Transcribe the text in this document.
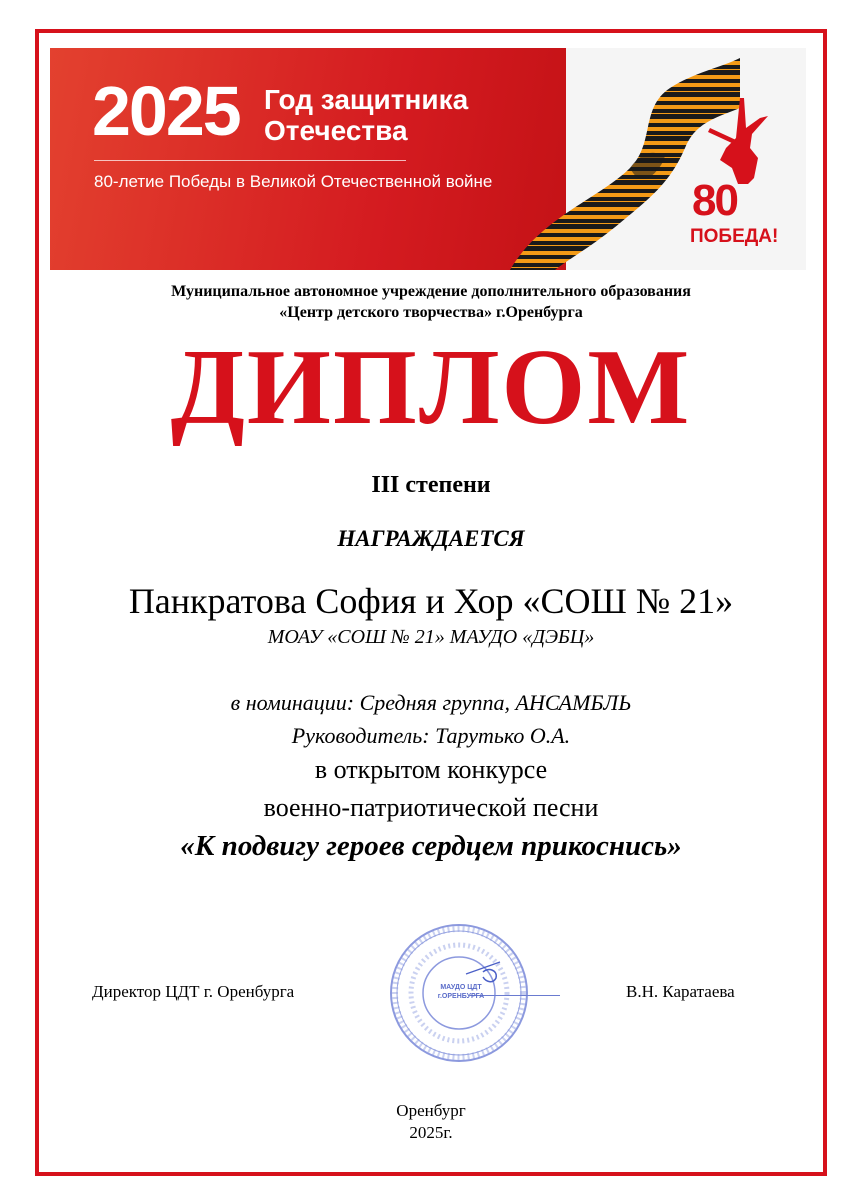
2025 Год защитника
Отечества
80-летие Победы в Великой Отечественной войне	80
ПОБЕДА!
Муниципальное автономное учреждение дополнительного образования
«Центр детского творчества» г.Оренбурга
ДИПЛОМ
III степени
НАГРАЖДАЕТСЯ
Панкратова София и Хор «СОШ № 21»
МОАУ «СОШ № 21» МАУДО «ДЭБЦ»
в номинации: Средняя группа, АНСАМБЛЬ
Руководитель: Тарутько О.А.
в открытом конкурсе
военно-патриотической песни
«К подвигу героев сердцем прикоснись»
Директор ЦДТ г. Оренбурга	МАУДО ЦДТ г.ОРЕНБУРГА	В.Н. Каратаева
Оренбург
2025г.
